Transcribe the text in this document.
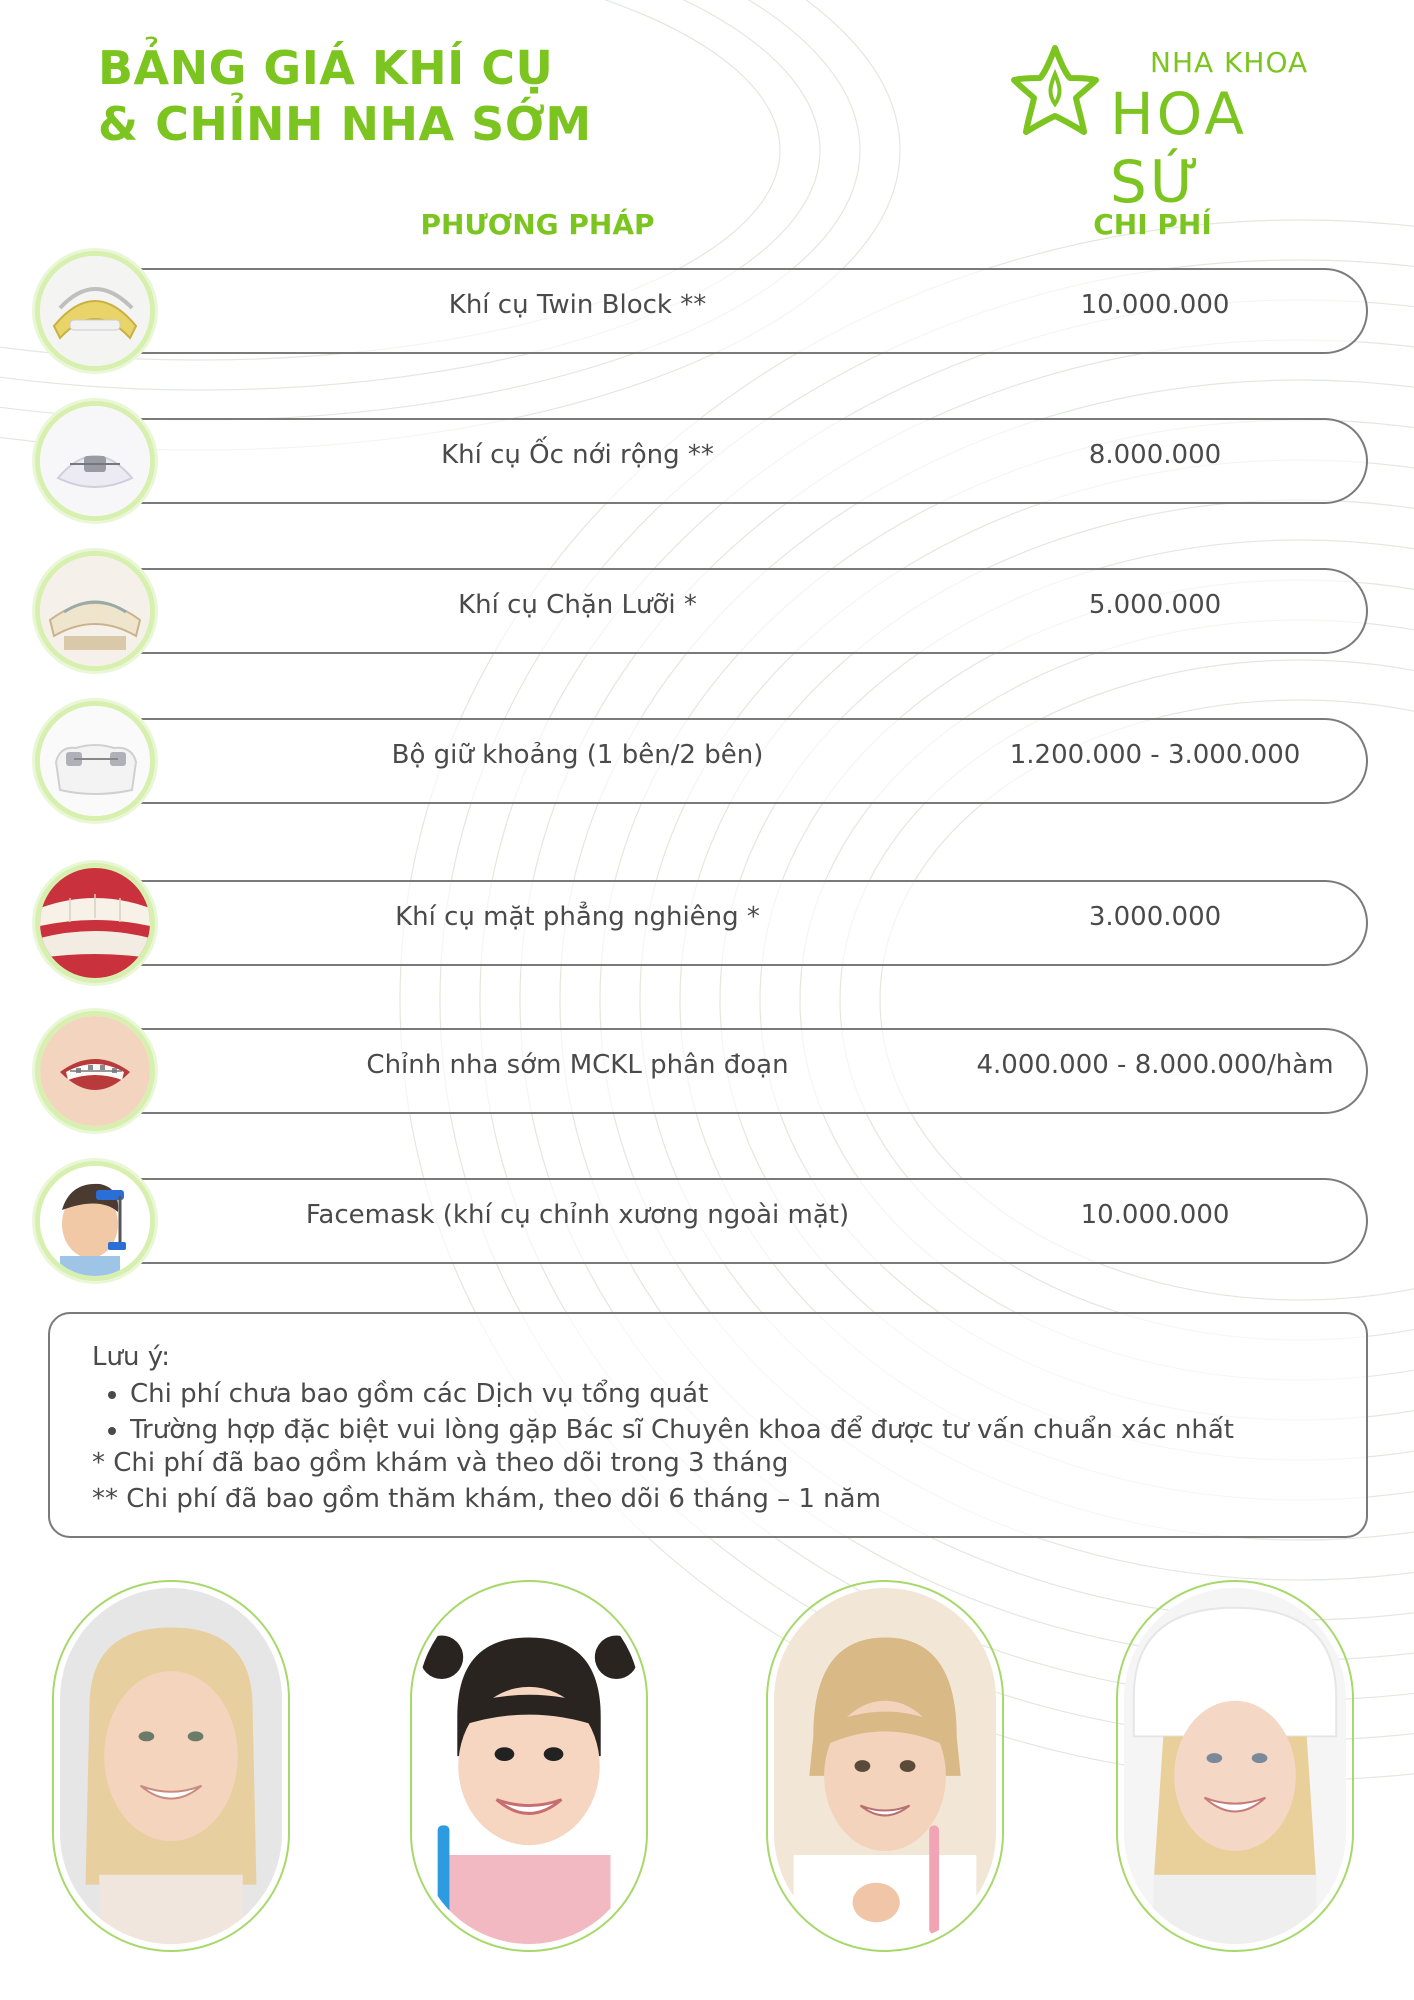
BẢNG GIÁ KHÍ CỤ
& CHỈNH NHA SỚM
NHA KHOA
HOA SỨ
PHƯƠNG PHÁP	CHI PHÍ
Khí cụ Twin Block **	10.000.000
Khí cụ Ốc nới rộng **	8.000.000
Khí cụ Chặn Lưỡi *	5.000.000
Bộ giữ khoảng (1 bên/2 bên)	1.200.000 - 3.000.000
Khí cụ mặt phẳng nghiêng *	3.000.000
Chỉnh nha sớm MCKL phân đoạn	4.000.000 - 8.000.000/hàm
Facemask (khí cụ chỉnh xương ngoài mặt)	10.000.000
Lưu ý:
• Chi phí chưa bao gồm các Dịch vụ tổng quát
• Trường hợp đặc biệt vui lòng gặp Bác sĩ Chuyên khoa để được tư vấn chuẩn xác nhất
* Chi phí đã bao gồm khám và theo dõi trong 3 tháng
** Chi phí đã bao gồm thăm khám, theo dõi 6 tháng – 1 năm
